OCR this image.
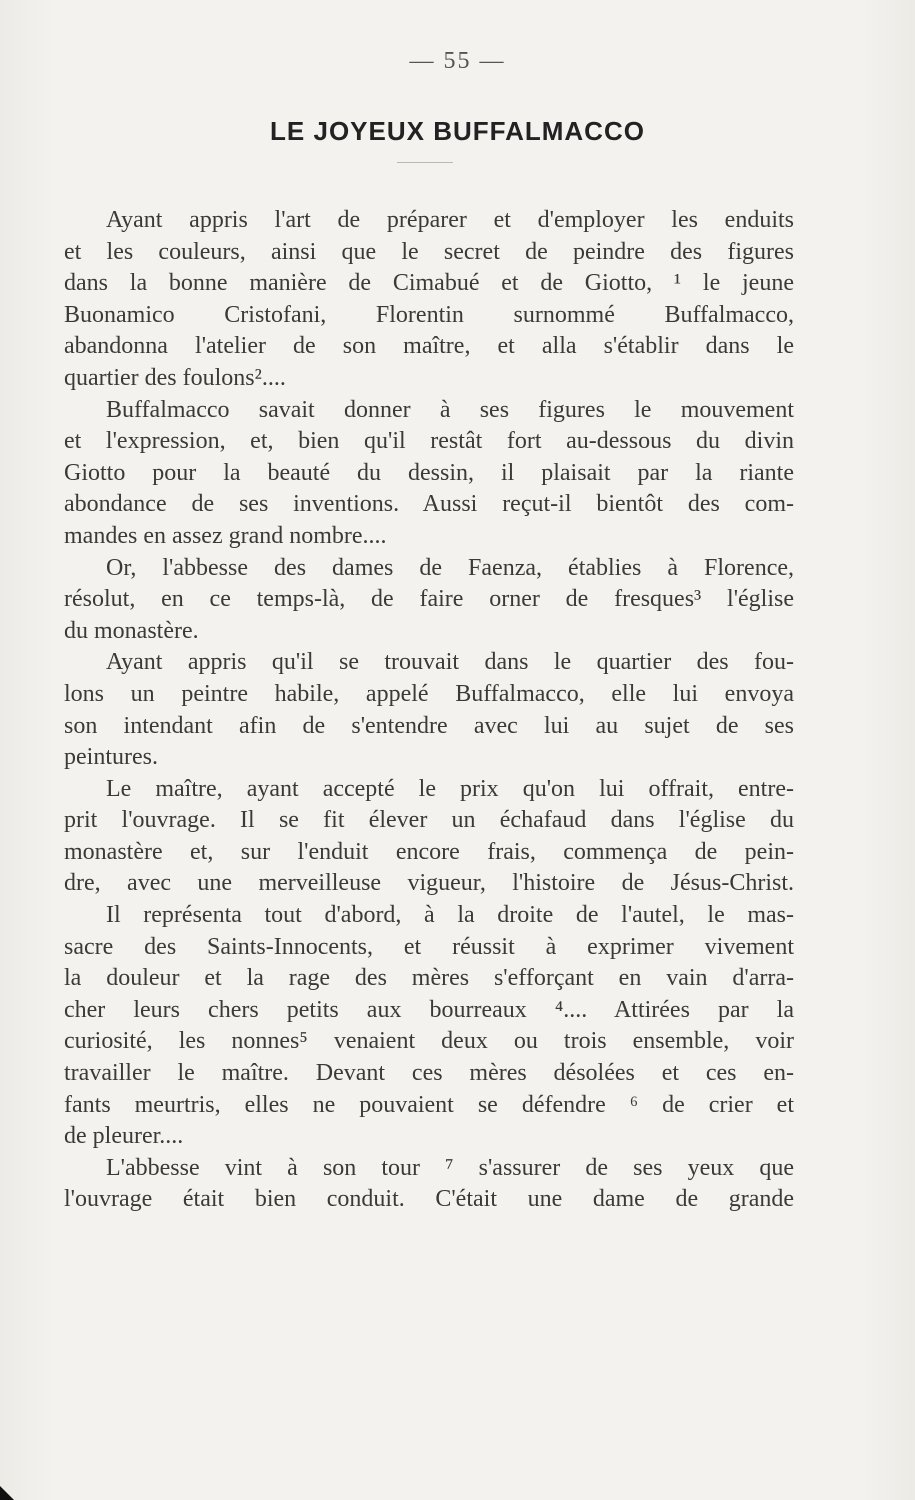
— 55 —
LE JOYEUX BUFFALMACCO
Ayant appris l'art de préparer et d'employer les enduits
et les couleurs, ainsi que le secret de peindre des figures
dans la bonne manière de Cimabué et de Giotto, ¹ le jeune
Buonamico Cristofani, Florentin surnommé Buffalmacco,
abandonna l'atelier de son maître, et alla s'établir dans le
quartier des foulons²....
Buffalmacco savait donner à ses figures le mouvement
et l'expression, et, bien qu'il restât fort au-dessous du divin
Giotto pour la beauté du dessin, il plaisait par la riante
abondance de ses inventions. Aussi reçut-il bientôt des com-
mandes en assez grand nombre....
Or, l'abbesse des dames de Faenza, établies à Florence,
résolut, en ce temps-là, de faire orner de fresques³ l'église
du monastère.
Ayant appris qu'il se trouvait dans le quartier des fou-
lons un peintre habile, appelé Buffalmacco, elle lui envoya
son intendant afin de s'entendre avec lui au sujet de ses
peintures.
Le maître, ayant accepté le prix qu'on lui offrait, entre-
prit l'ouvrage. Il se fit élever un échafaud dans l'église du
monastère et, sur l'enduit encore frais, commença de pein-
dre, avec une merveilleuse vigueur, l'histoire de Jésus-Christ.
Il représenta tout d'abord, à la droite de l'autel, le mas-
sacre des Saints-Innocents, et réussit à exprimer vivement
la douleur et la rage des mères s'efforçant en vain d'arra-
cher leurs chers petits aux bourreaux ⁴.... Attirées par la
curiosité, les nonnes⁵ venaient deux ou trois ensemble, voir
travailler le maître. Devant ces mères désolées et ces en-
fants meurtris, elles ne pouvaient se défendre ⁶ de crier et
de pleurer....
L'abbesse vint à son tour ⁷ s'assurer de ses yeux que
l'ouvrage était bien conduit. C'était une dame de grande
